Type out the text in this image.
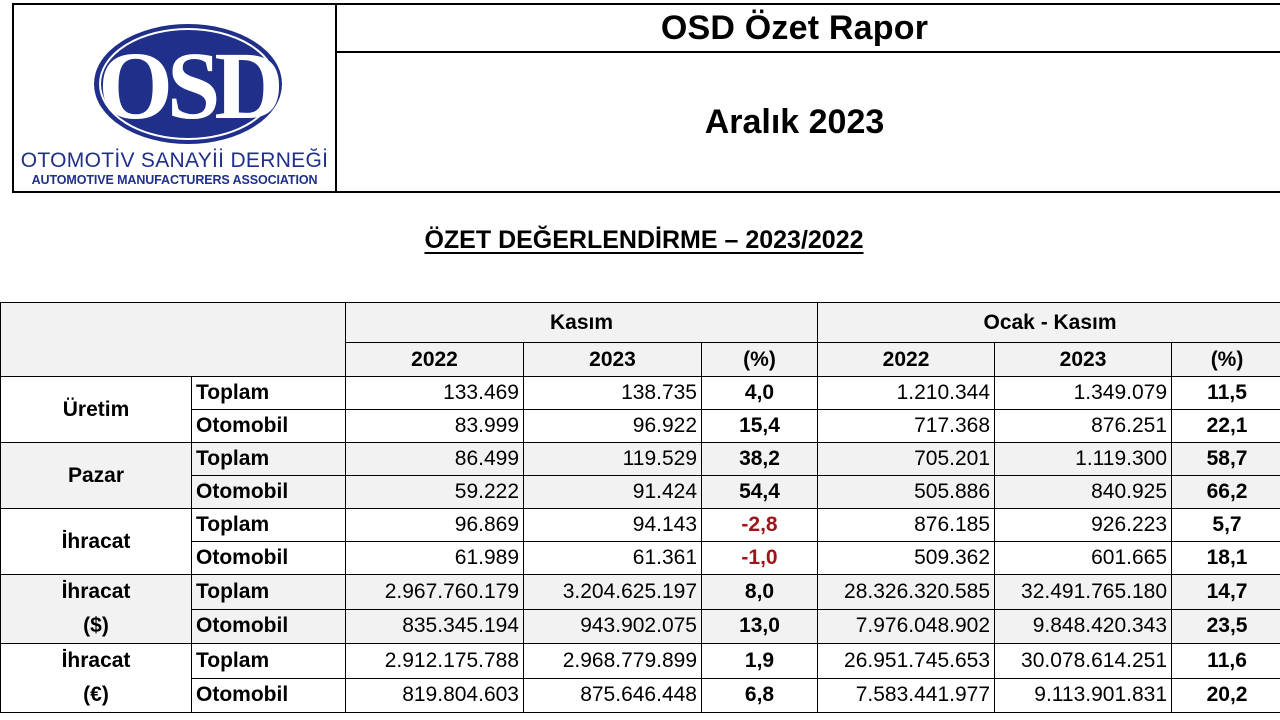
OSD
OTOMOTİV SANAYİİ DERNEĞİ
AUTOMOTIVE MANUFACTURERS ASSOCIATION
OSD Özet Rapor
Aralık 2023
ÖZET DEĞERLENDİRME – 2023/2022
		Kasım			Ocak - Kasım		
		2022	2023	(%)	2022	2023	(%)

Üretim	Toplam	133.469	138.735	4,0	1.210.344	1.349.079	11,5
	Otomobil	83.999	96.922	15,4	717.368	876.251	22,1

Pazar	Toplam	86.499	119.529	38,2	705.201	1.119.300	58,7
	Otomobil	59.222	91.424	54,4	505.886	840.925	66,2

İhracat	Toplam	96.869	94.143	-2,8	876.185	926.223	5,7
	Otomobil	61.989	61.361	-1,0	509.362	601.665	18,1

İhracat
($)	Toplam	2.967.760.179	3.204.625.197	8,0	28.326.320.585	32.491.765.180	14,7
	Otomobil	835.345.194	943.902.075	13,0	7.976.048.902	9.848.420.343	23,5

İhracat
(€)	Toplam	2.912.175.788	2.968.779.899	1,9	26.951.745.653	30.078.614.251	11,6
	Otomobil	819.804.603	875.646.448	6,8	7.583.441.977	9.113.901.831	20,2
